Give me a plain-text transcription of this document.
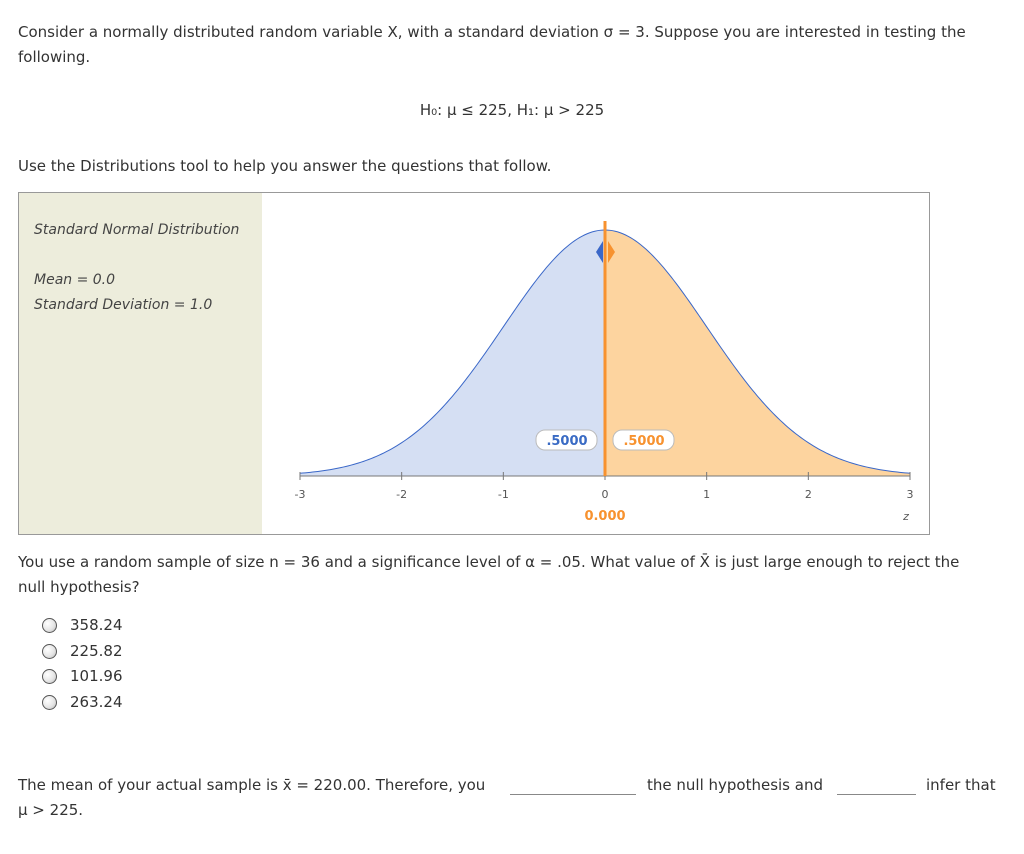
Consider a normally distributed random variable X, with a standard deviation σ = 3. Suppose you are interested in testing the
following.
H₀: μ ≤ 225, H₁: μ > 225
Use the Distributions tool to help you answer the questions that follow.
Standard Normal Distribution
Mean = 0.0
Standard Deviation = 1.0
-3	-2	-1	0	1	2	3
.5000	.5000
0.000	z
You use a random sample of size n = 36 and a significance level of α = .05. What value of X̄ is just large enough to reject the
null hypothesis?
358.24
225.82
101.96
263.24
The mean of your actual sample is x̄ = 220.00. Therefore, you	the null hypothesis and	infer that
μ > 225.
